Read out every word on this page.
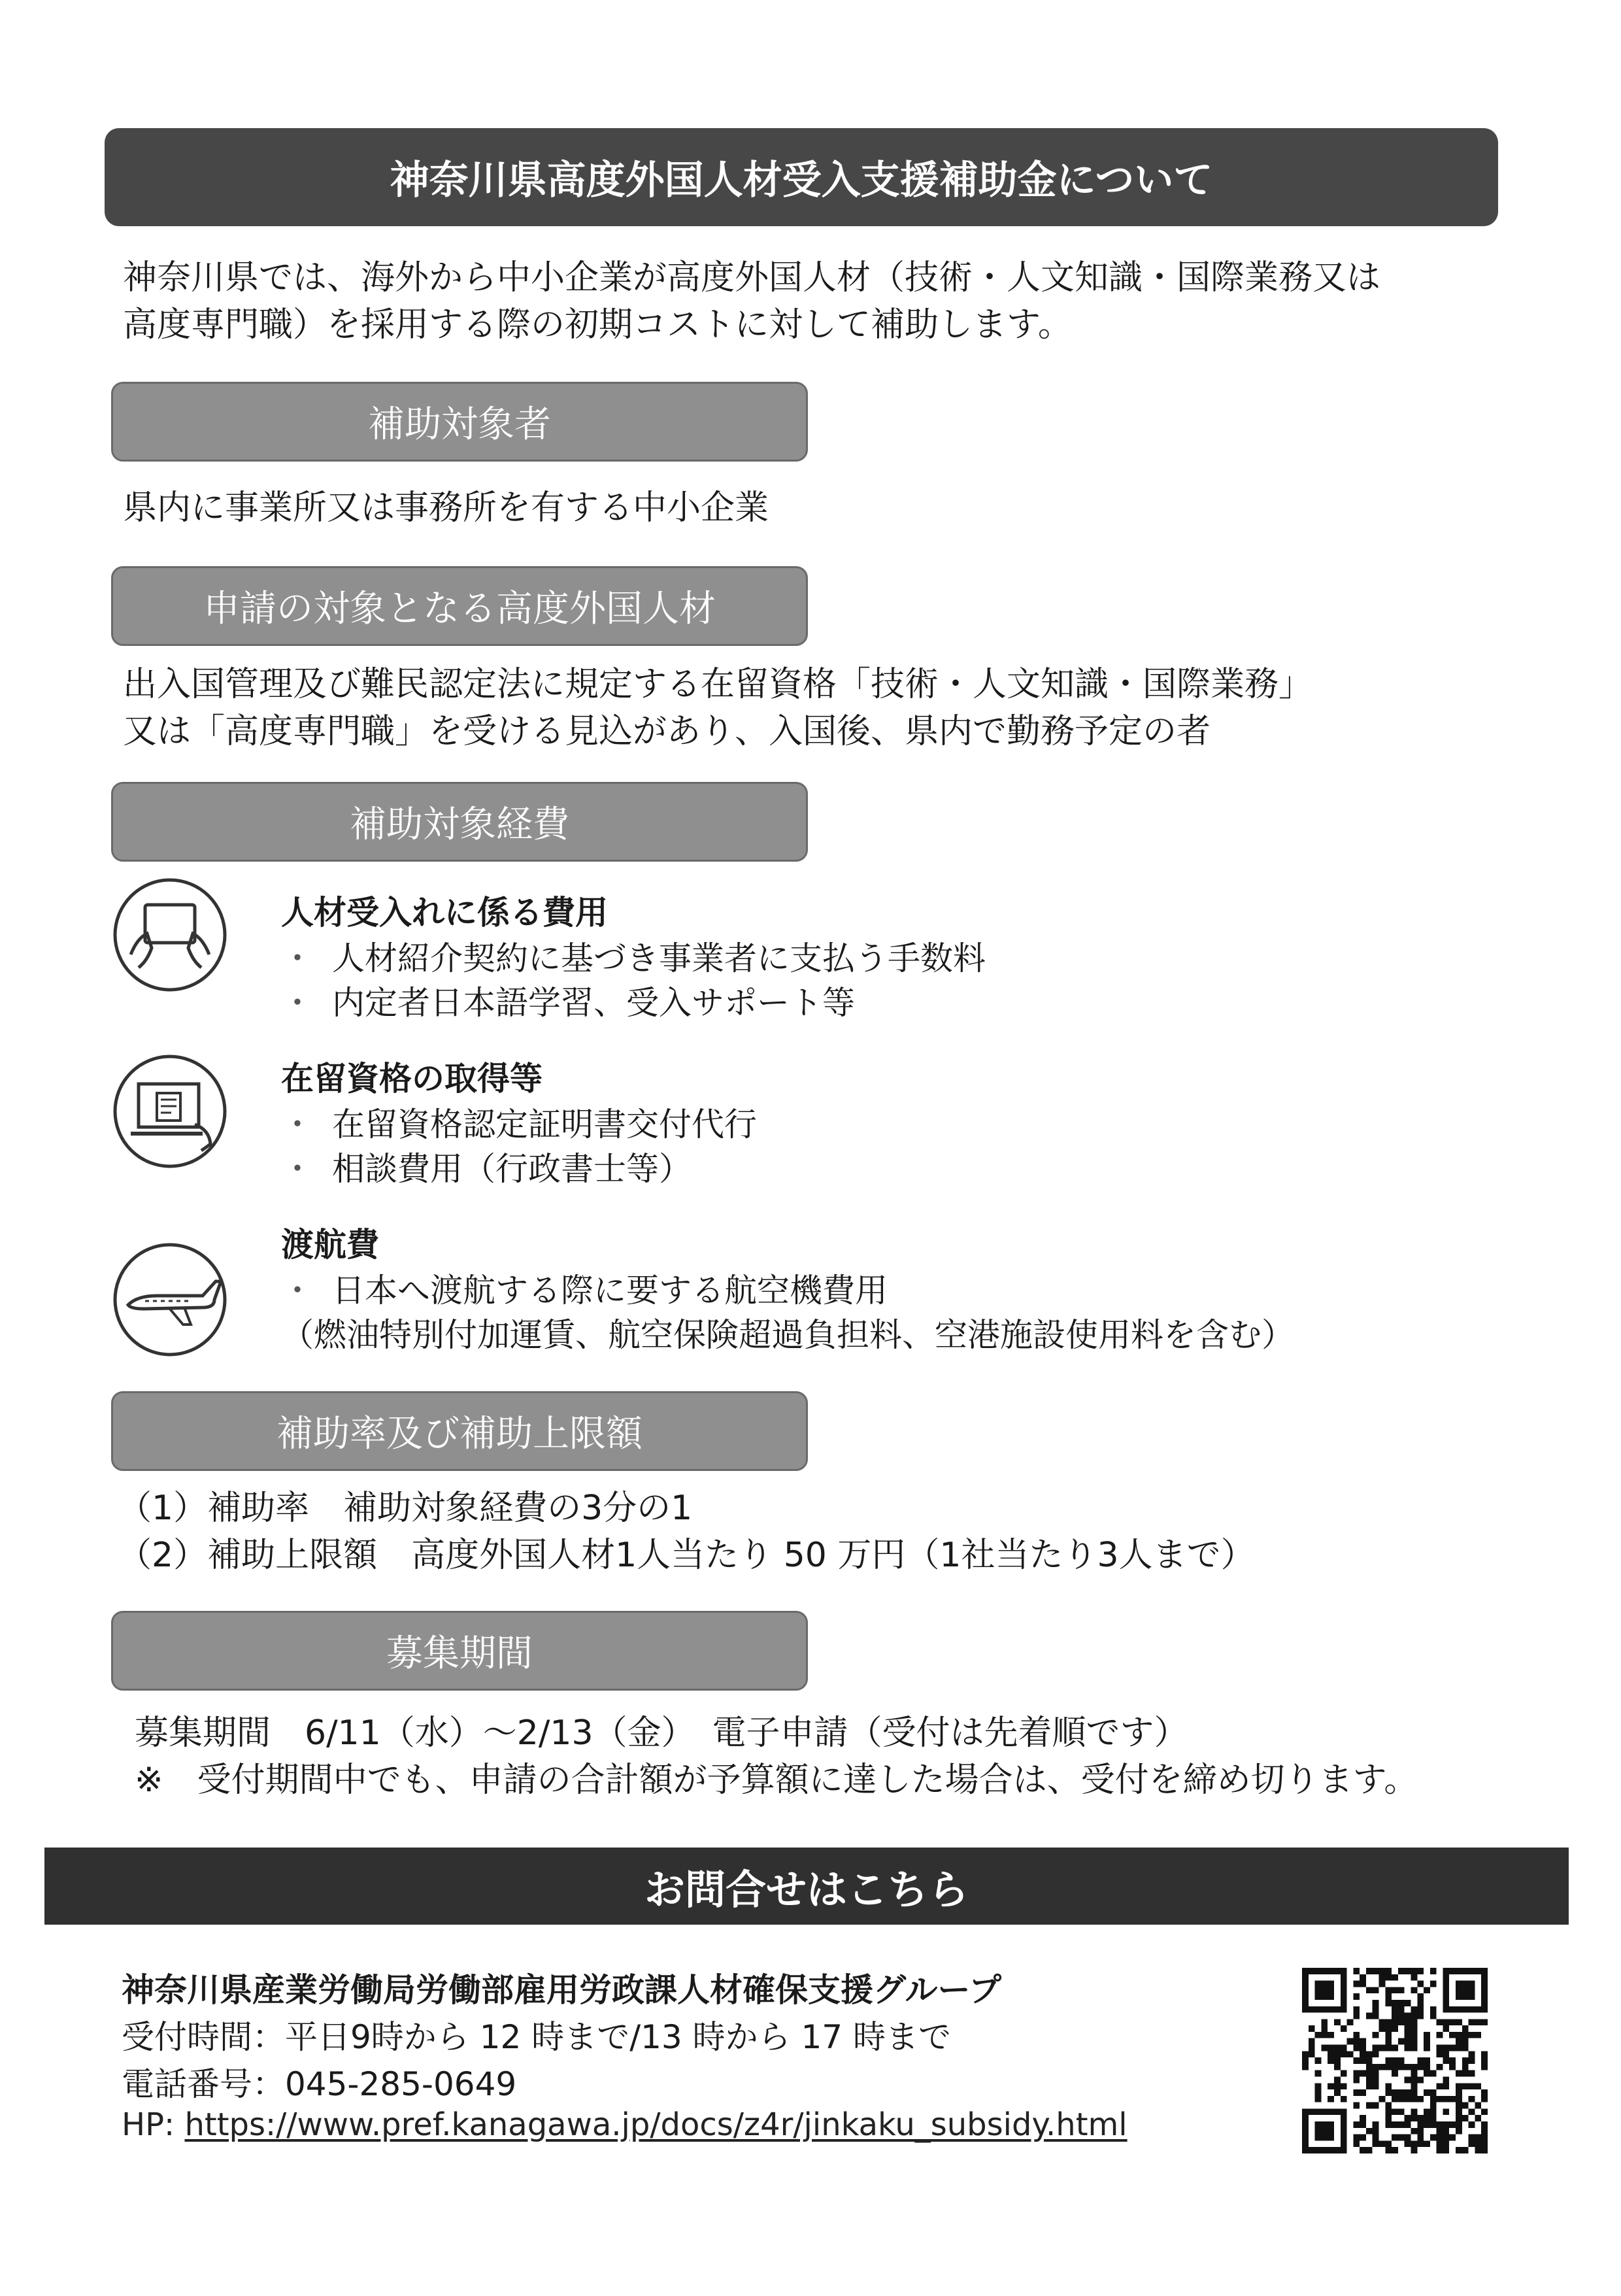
神奈川県高度外国人材受入支援補助金について
神奈川県では、海外から中小企業が高度外国人材（技術・人文知識・国際業務又は
高度専門職）を採用する際の初期コストに対して補助します。
補助対象者
県内に事業所又は事務所を有する中小企業
申請の対象となる高度外国人材
出入国管理及び難民認定法に規定する在留資格「技術・人文知識・国際業務」
又は「高度専門職」を受ける見込があり、入国後、県内で勤務予定の者
補助対象経費
人材受入れに係る費用
・ 人材紹介契約に基づき事業者に支払う手数料
・ 内定者日本語学習、受入サポート等
在留資格の取得等
・ 在留資格認定証明書交付代行
・ 相談費用（行政書士等）
渡航費
・ 日本へ渡航する際に要する航空機費用
（燃油特別付加運賃、航空保険超過負担料、空港施設使用料を含む）
補助率及び補助上限額
（1）補助率　補助対象経費の3分の1
（2）補助上限額　高度外国人材1人当たり 50 万円（1社当たり3人まで）
募集期間
募集期間　6/11（水）～2/13（金）　電子申請（受付は先着順です）
※　受付期間中でも、申請の合計額が予算額に達した場合は、受付を締め切ります。
お問合せはこちら
神奈川県産業労働局労働部雇用労政課人材確保支援グループ
受付時間：平日9時から 12 時まで/13 時から 17 時まで
電話番号：045-285-0649
HP: https://www.pref.kanagawa.jp/docs/z4r/jinkaku_subsidy.html
